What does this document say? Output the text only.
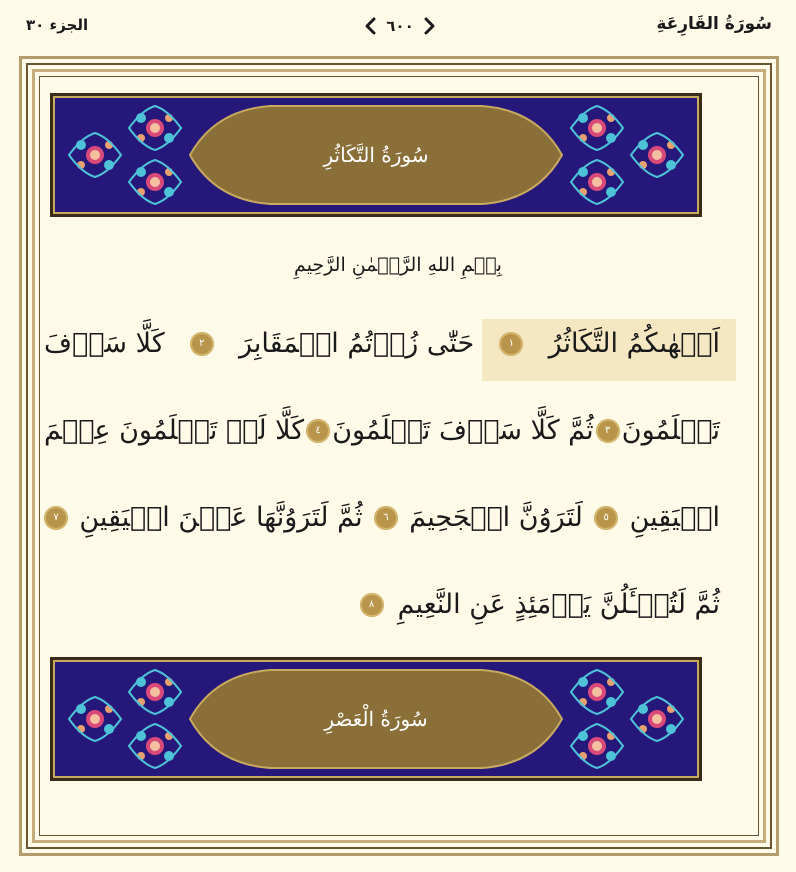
الجزء ٣٠	٦٠٠	سُورَةُ القَارِعَةِ
سُورَةُ التَّكَاثُرِ
بِسۡمِ اللهِ الرَّحۡمٰنِ الرَّحِيمِ
اَلۡهٰىكُمُ التَّكَاثُرُ
١
حَتّٰى زُرۡتُمُ الۡمَقَابِرَ
٢
كَلَّا سَوۡفَ
تَعۡلَمُونَ
٣
ثُمَّ كَلَّا سَوۡفَ تَعۡلَمُونَ
٤
كَلَّا لَوۡ تَعۡلَمُونَ عِلۡمَ
الۡيَقِينِ
٥
لَتَرَوُنَّ الۡجَحِيمَ
٦
ثُمَّ لَتَرَوُنَّهَا عَيۡنَ الۡيَقِينِ
٧
ثُمَّ لَتُسۡـَٔلُنَّ يَوۡمَئِذٍ عَنِ النَّعِيمِ
٨
سُورَةُ الْعَصْرِ
